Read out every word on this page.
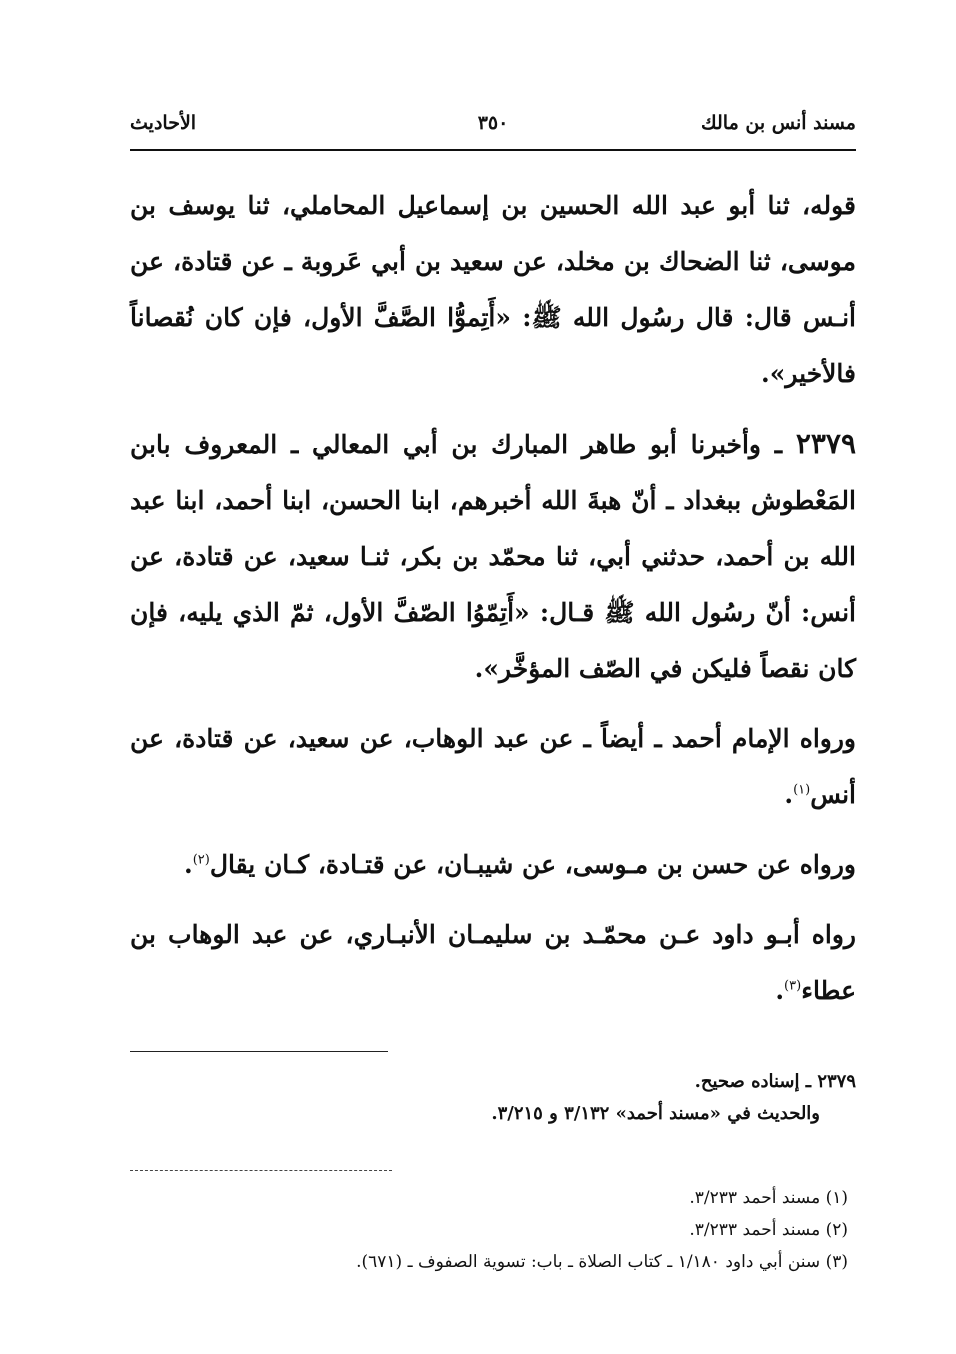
مسند أنس بن مالك
٣٥٠
الأحاديث

قوله، ثنا أبو عبد الله الحسين بن إسماعيل المحاملي، ثنا يوسف بن موسى، ثنا الضحاك بن مخلد، عن سعيد بن أبي عَروبة ـ عن قتادة، عن أنـس قال: قال رسُول الله ﷺ: «أَتِموُّا الصَّفَّ الأول، فإن كان نُقصاناً فالأخير».

٢٣٧٩ ـ وأخبرنا أبو طاهر المبارك بن أبي المعالي ـ المعروف بابن المَعْطوش ببغداد ـ أنّ هبةَ الله أخبرهم، ابنا الحسن، ابنا أحمد، ابنا عبد الله بن أحمد، حدثني أبي، ثنا محمّد بن بكر، ثنـا سعيد، عن قتادة، عن أنس: أنّ رسُول الله ﷺ قـال: «أَتِمّوُا الصّفَّ الأول، ثمّ الذي يليه، فإن كان نقصاً فليكن في الصّف المؤخَّر».

ورواه الإمام أحمد ـ أيضاً ـ عن عبد الوهاب، عن سعيد، عن قتادة، عن أنس$^{(١)}$.

ورواه عن حسن بن مـوسى، عن شيبـان، عن قتـادة، كـان يقال$^{(٢)}$.

رواه أبـو داود عـن محمّـد بن سليمـان الأنبـاري، عن عبد الوهاب بن عطاء$^{(٣)}$.

٢٣٧٩ ـ إسناده صحيح.
والحديث في «مسند أحمد» ٣/١٣٢ و ٣/٢١٥.
(١) مسند أحمد ٣/٢٣٣.
(٢) مسند أحمد ٣/٢٣٣.
(٣) سنن أبي داود ١/١٨٠ ـ كتاب الصلاة ـ باب: تسوية الصفوف ـ (٦٧١).
